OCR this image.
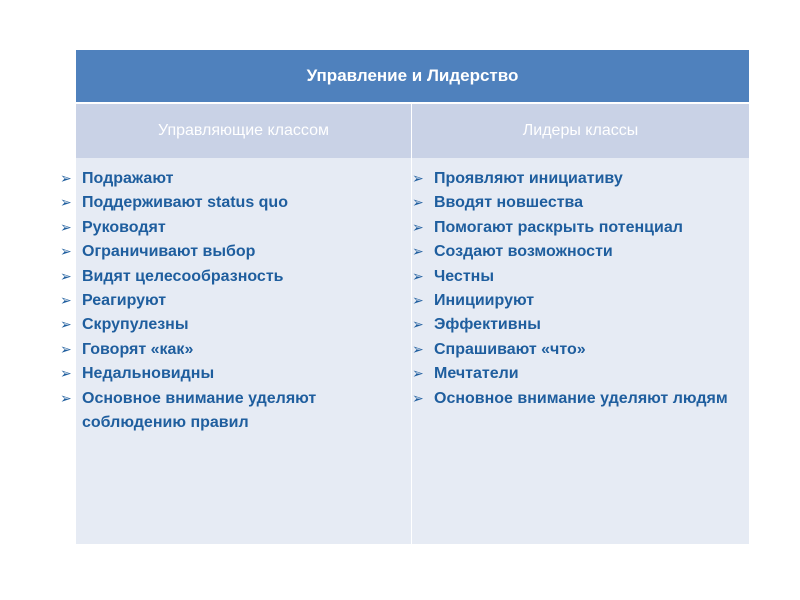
Управление и Лидерство
Управляющие классом	Лидеры классы
➢ Подражают
➢ Поддерживают status quo
➢ Руководят
➢ Ограничивают выбор
➢ Видят целесообразность
➢ Реагируют
➢ Скрупулезны
➢ Говорят «как»
➢ Недальновидны
➢ Основное внимание уделяют соблюдению правил
➢ Проявляют инициативу
➢ Вводят новшества
➢ Помогают раскрыть потенциал
➢ Создают возможности
➢ Честны
➢ Инициируют
➢ Эффективны
➢ Спрашивают «что»
➢ Мечтатели
➢ Основное внимание уделяют людям
